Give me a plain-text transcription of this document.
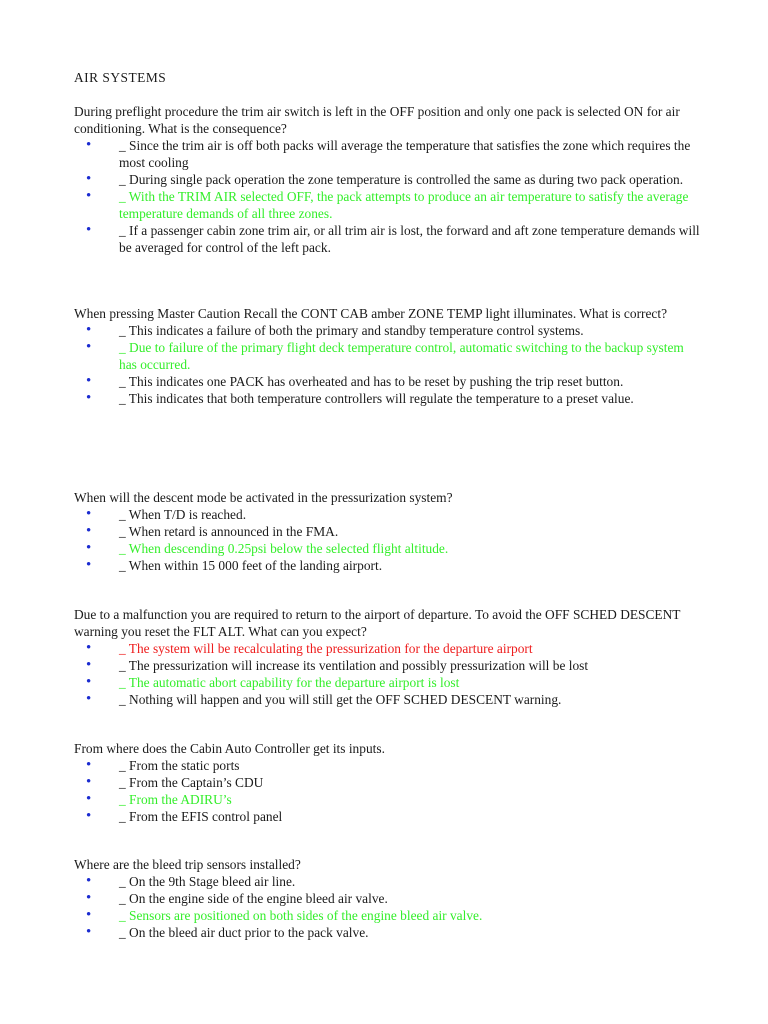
AIR SYSTEMS

During preflight procedure the trim air switch is left in the OFF position and only one pack is selected ON for air conditioning. What is the consequence?

• _ Since the trim air is off both packs will average the temperature that satisfies the zone which requires the most cooling
• _ During single pack operation the zone temperature is controlled the same as during two pack operation.
• _ With the TRIM AIR selected OFF, the pack attempts to produce an air temperature to satisfy the average temperature demands of all three zones.
• _ If a passenger cabin zone trim air, or all trim air is lost, the forward and aft zone temperature demands will be averaged for control of the left pack.

When pressing Master Caution Recall the CONT CAB amber ZONE TEMP light illuminates. What is correct?

• _ This indicates a failure of both the primary and standby temperature control systems.
• _ Due to failure of the primary flight deck temperature control, automatic switching to the backup system has occurred.
• _ This indicates one PACK has overheated and has to be reset by pushing the trip reset button.
• _ This indicates that both temperature controllers will regulate the temperature to a preset value.

When will the descent mode be activated in the pressurization system?

• _ When T/D is reached.
• _ When retard is announced in the FMA.
• _ When descending 0.25psi below the selected flight altitude.
• _ When within 15 000 feet of the landing airport.

Due to a malfunction you are required to return to the airport of departure. To avoid the OFF SCHED DESCENT warning you reset the FLT ALT. What can you expect?

• _ The system will be recalculating the pressurization for the departure airport
• _ The pressurization will increase its ventilation and possibly pressurization will be lost
• _ The automatic abort capability for the departure airport is lost
• _ Nothing will happen and you will still get the OFF SCHED DESCENT warning.

From where does the Cabin Auto Controller get its inputs.

• _ From the static ports
• _ From the Captain’s CDU
• _ From the ADIRU’s
• _ From the EFIS control panel

Where are the bleed trip sensors installed?

• _ On the 9th Stage bleed air line.
• _ On the engine side of the engine bleed air valve.
• _ Sensors are positioned on both sides of the engine bleed air valve.
• _ On the bleed air duct prior to the pack valve.
